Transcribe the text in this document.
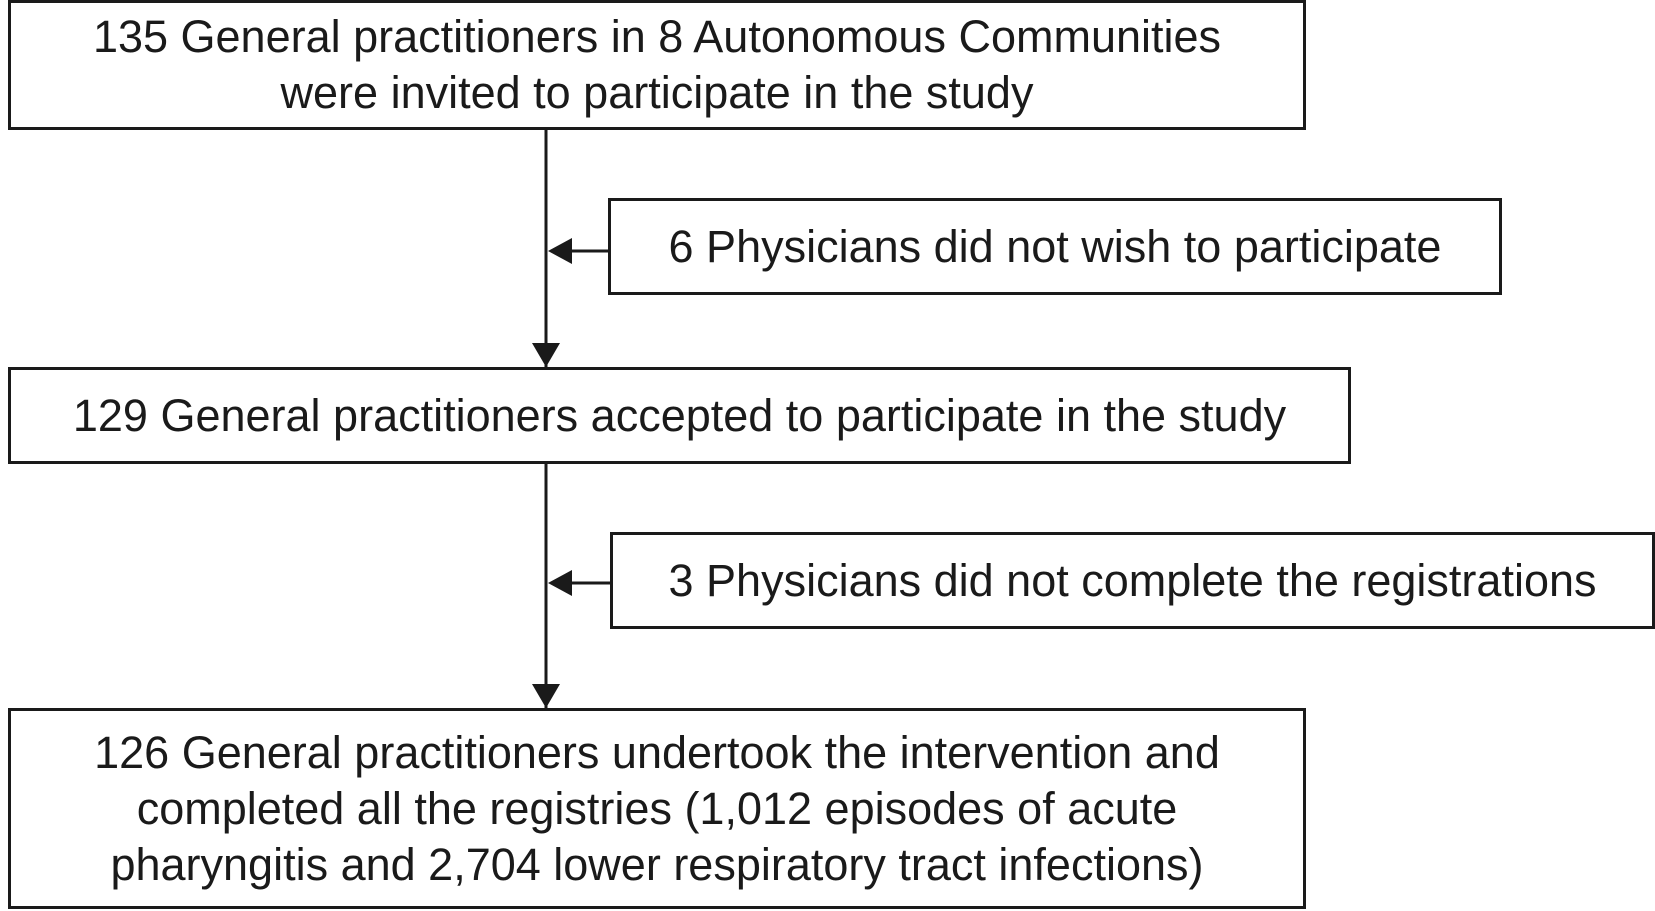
135 General practitioners in 8 Autonomous Communities
were invited to participate in the study
6 Physicians did not wish to participate
129 General practitioners accepted to participate in the study
3 Physicians did not complete the registrations
126 General practitioners undertook the intervention and
completed all the registries (1,012 episodes of acute
pharyngitis and 2,704 lower respiratory tract infections)
